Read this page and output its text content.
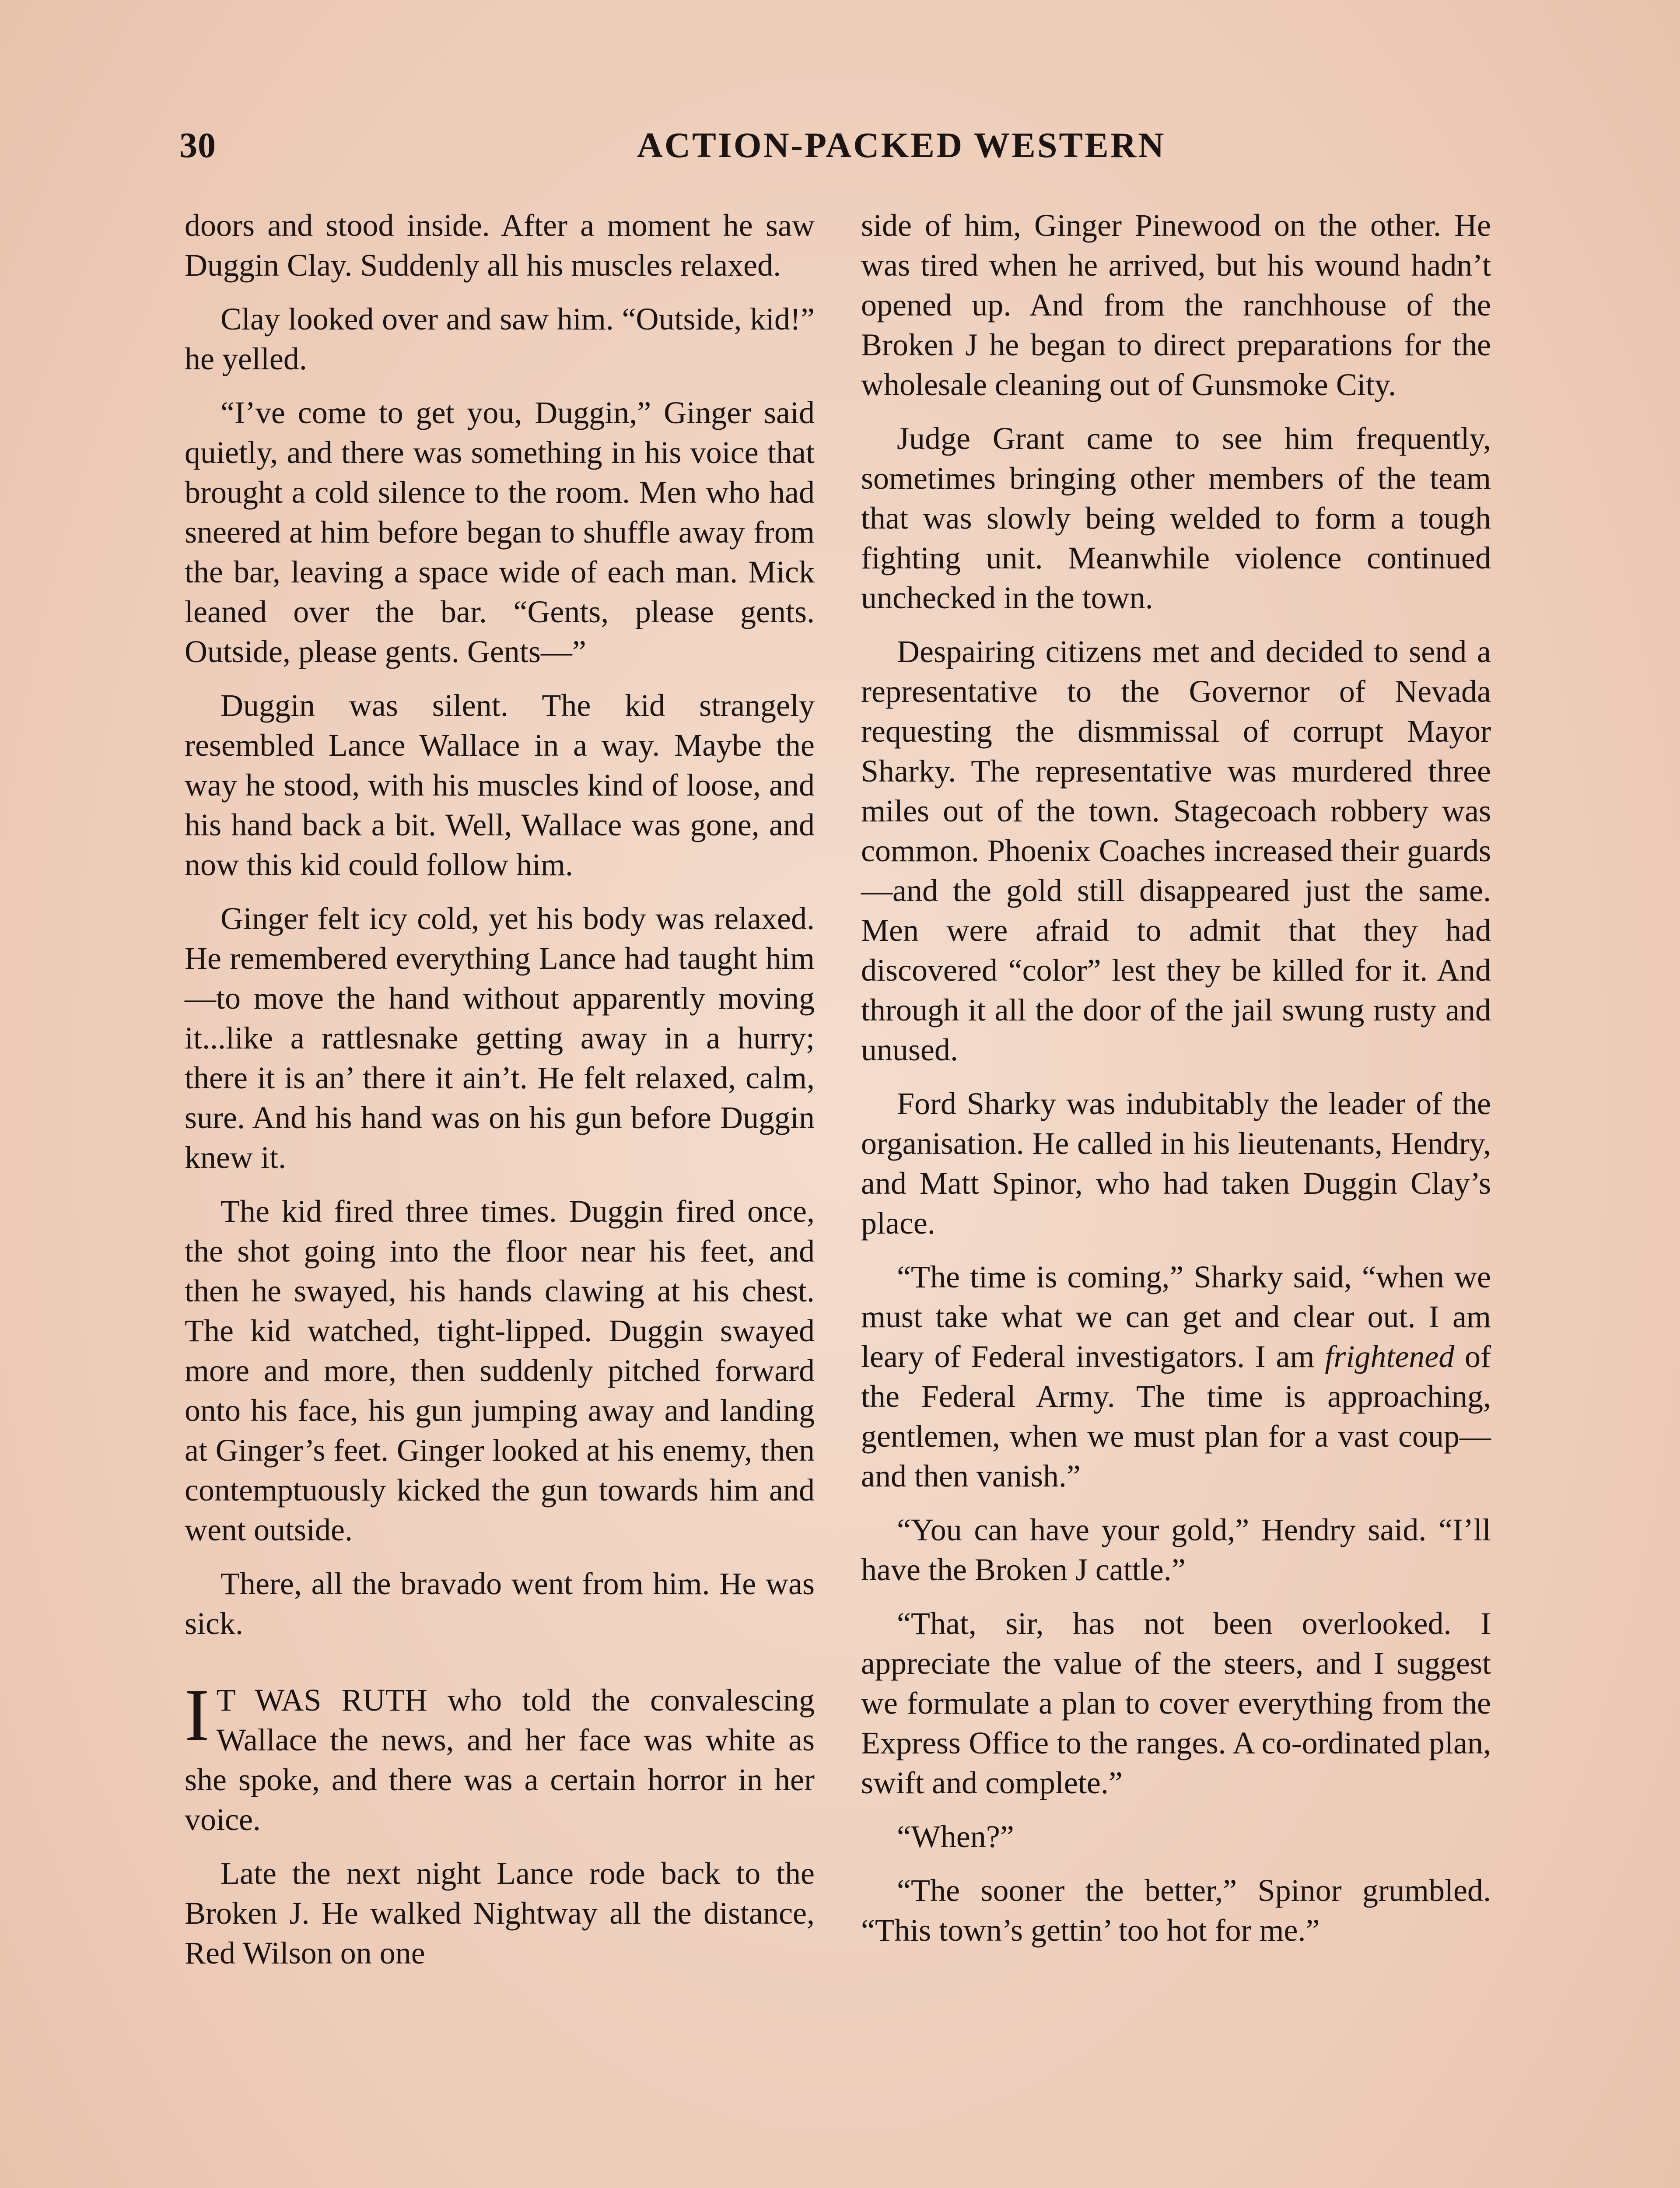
30	ACTION-PACKED WESTERN

doors and stood inside. After a moment he saw Duggin Clay. Suddenly all his muscles relaxed.

Clay looked over and saw him. “Outside, kid!” he yelled.

“I’ve come to get you, Duggin,” Ginger said quietly, and there was something in his voice that brought a cold silence to the room. Men who had sneered at him before began to shuffle away from the bar, leaving a space wide of each man. Mick leaned over the bar. “Gents, please gents. Outside, please gents. Gents—”

Duggin was silent. The kid strangely resembled Lance Wallace in a way. Maybe the way he stood, with his muscles kind of loose, and his hand back a bit. Well, Wallace was gone, and now this kid could follow him.

Ginger felt icy cold, yet his body was relaxed. He remembered everything Lance had taught him—to move the hand without apparently moving it...like a rattlesnake getting away in a hurry; there it is an’ there it ain’t. He felt relaxed, calm, sure. And his hand was on his gun before Duggin knew it.

The kid fired three times. Duggin fired once, the shot going into the floor near his feet, and then he swayed, his hands clawing at his chest. The kid watched, tight-lipped. Duggin swayed more and more, then suddenly pitched forward onto his face, his gun jumping away and landing at Ginger’s feet. Ginger looked at his enemy, then contemptuously kicked the gun towards him and went outside.

There, all the bravado went from him. He was sick.

I T WAS RUTH who told the convalescing Wallace the news, and her face was white as she spoke, and there was a certain horror in her voice.

Late the next night Lance rode back to the Broken J. He walked Nightway all the distance, Red Wilson on one

side of him, Ginger Pinewood on the other. He was tired when he arrived, but his wound hadn’t opened up. And from the ranchhouse of the Broken J he began to direct preparations for the wholesale cleaning out of Gunsmoke City.

Judge Grant came to see him frequently, sometimes bringing other members of the team that was slowly being welded to form a tough fighting unit. Meanwhile violence continued unchecked in the town.

Despairing citizens met and decided to send a representative to the Governor of Nevada requesting the dismmissal of corrupt Mayor Sharky. The representative was murdered three miles out of the town. Stagecoach robbery was common. Phoenix Coaches increased their guards—and the gold still disappeared just the same. Men were afraid to admit that they had discovered “color” lest they be killed for it. And through it all the door of the jail swung rusty and unused.

Ford Sharky was indubitably the leader of the organisation. He called in his lieutenants, Hendry, and Matt Spinor, who had taken Duggin Clay’s place.

“The time is coming,” Sharky said, “when we must take what we can get and clear out. I am leary of Federal investigators. I am frightened of the Federal Army. The time is approaching, gentlemen, when we must plan for a vast coup—and then vanish.”

“You can have your gold,” Hendry said. “I’ll have the Broken J cattle.”

“That, sir, has not been overlooked. I appreciate the value of the steers, and I suggest we formulate a plan to cover everything from the Express Office to the ranges. A co-ordinated plan, swift and complete.”

“When?”

“The sooner the better,” Spinor grumbled. “This town’s gettin’ too hot for me.”
